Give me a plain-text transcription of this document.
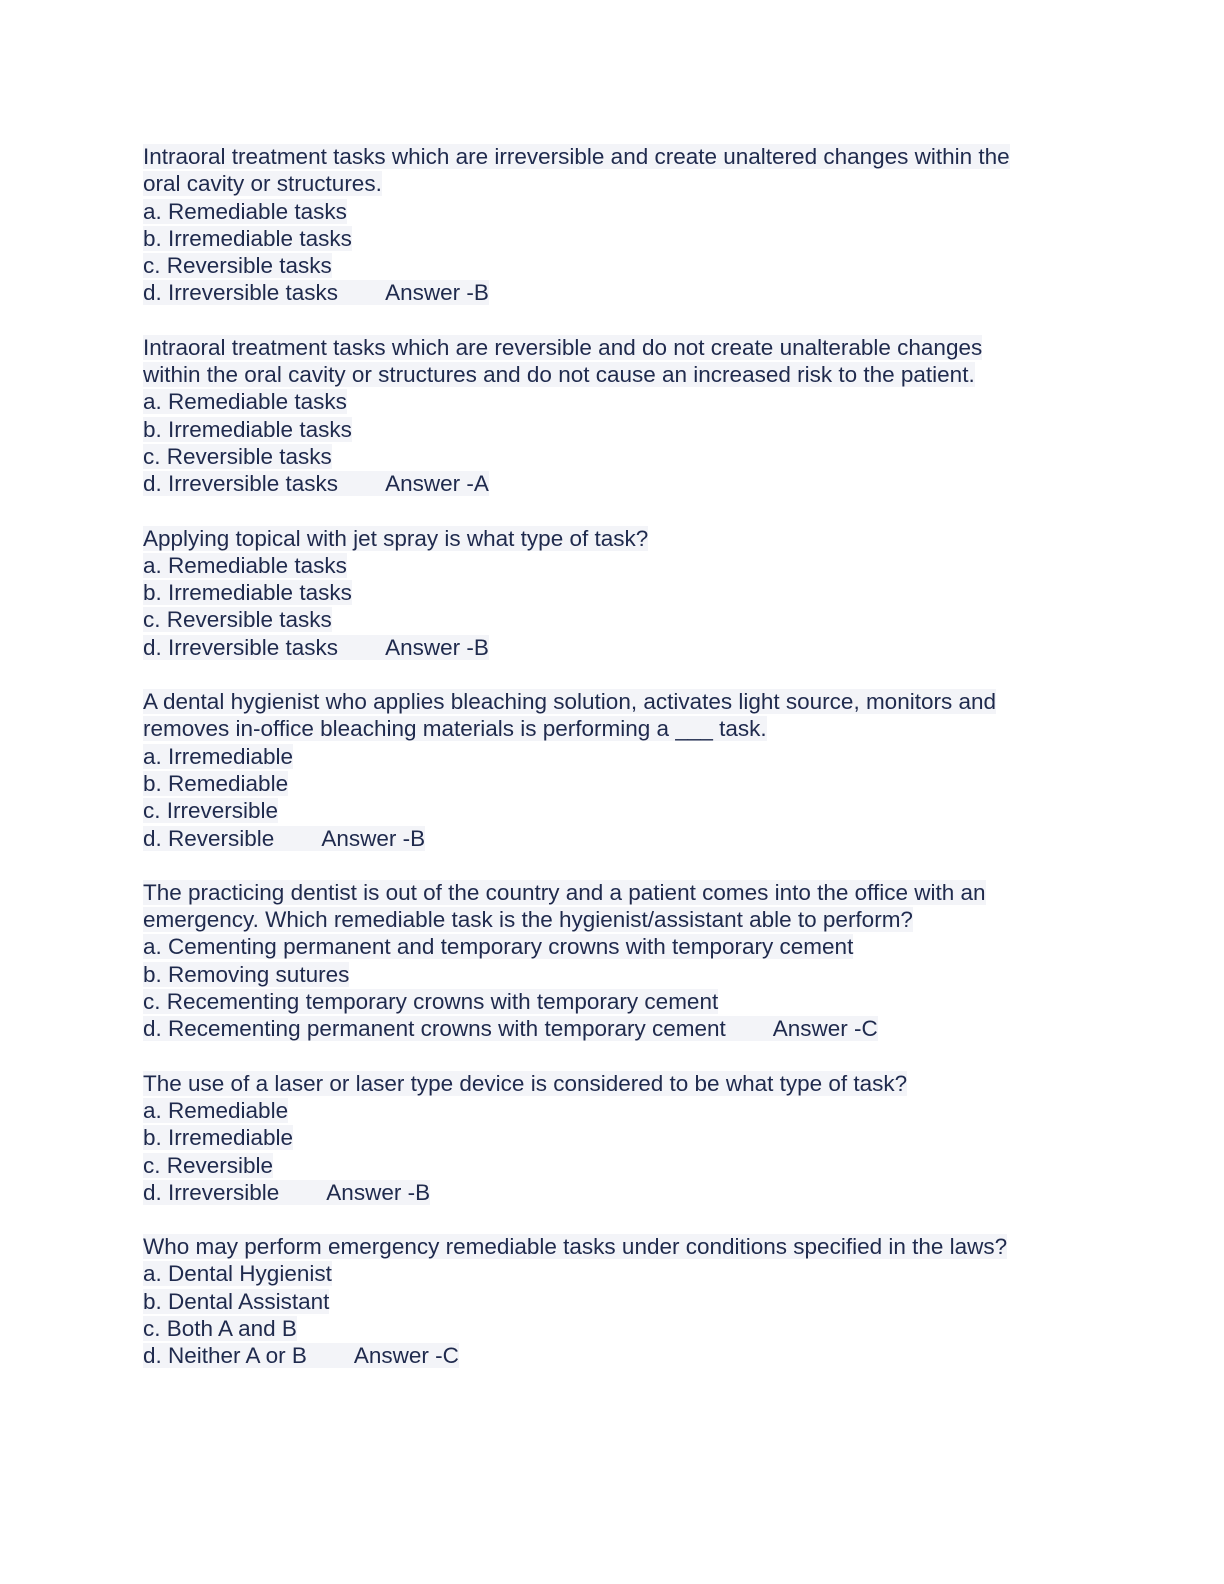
Intraoral treatment tasks which are irreversible and create unaltered changes within the
oral cavity or structures.
a. Remediable tasks
b. Irremediable tasks
c. Reversible tasks
d. Irreversible tasks Answer -B
Intraoral treatment tasks which are reversible and do not create unalterable changes
within the oral cavity or structures and do not cause an increased risk to the patient.
a. Remediable tasks
b. Irremediable tasks
c. Reversible tasks
d. Irreversible tasks Answer -A
Applying topical with jet spray is what type of task?
a. Remediable tasks
b. Irremediable tasks
c. Reversible tasks
d. Irreversible tasks Answer -B
A dental hygienist who applies bleaching solution, activates light source, monitors and
removes in-office bleaching materials is performing a ___ task.
a. Irremediable
b. Remediable
c. Irreversible
d. Reversible Answer -B
The practicing dentist is out of the country and a patient comes into the office with an
emergency. Which remediable task is the hygienist/assistant able to perform?
a. Cementing permanent and temporary crowns with temporary cement
b. Removing sutures
c. Recementing temporary crowns with temporary cement
d. Recementing permanent crowns with temporary cement Answer -C
The use of a laser or laser type device is considered to be what type of task?
a. Remediable
b. Irremediable
c. Reversible
d. Irreversible Answer -B
Who may perform emergency remediable tasks under conditions specified in the laws?
a. Dental Hygienist
b. Dental Assistant
c. Both A and B
d. Neither A or B Answer -C
